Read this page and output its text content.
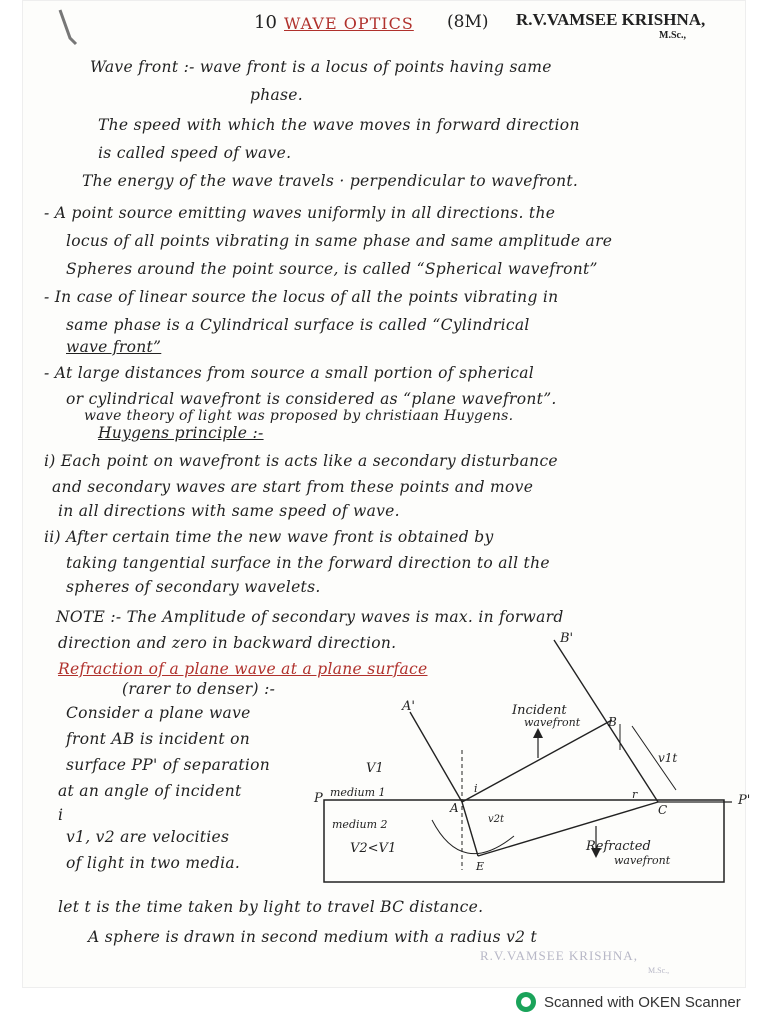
10 WAVE OPTICS (8M) R.V.VAMSEE KRISHNA,
M.Sc.,
Wave front :- wave front is a locus of points having same
phase.
The speed with which the wave moves in forward direction
is called speed of wave.
The energy of the wave travels · perpendicular to wavefront.
- A point source emitting waves uniformly in all directions. the
locus of all points vibrating in same phase and same amplitude are
Spheres around the point source, is called “Spherical wavefront”
- In case of linear source the locus of all the points vibrating in
same phase is a Cylindrical surface is called “Cylindrical
wave front”
- At large distances from source a small portion of spherical
or cylindrical wavefront is considered as “plane wavefront”.
wave theory of light was proposed by christiaan Huygens.
Huygens principle :-
i) Each point on wavefront is acts like a secondary disturbance
and secondary waves are start from these points and move
in all directions with same speed of wave.
ii) After certain time the new wave front is obtained by
taking tangential surface in the forward direction to all the
spheres of secondary wavelets.
NOTE :- The Amplitude of secondary waves is max. in forward
direction and zero in backward direction.
Refraction of a plane wave at a plane surface
(rarer to denser) :-
Consider a plane wave
front AB is incident on
surface PP' of separation
at an angle of incident
i
v1, v2 are velocities
of light in two media.
let t is the time taken by light to travel BC distance.
A sphere is drawn in second medium with a radius v2 t
A'
B'
B
A	C
E
P	P'
Incident
wavefront
v1t
v2t
V1
medium 1
medium 2
V2<V1
i	r
Refracted
wavefront
R.V.VAMSEE KRISHNA,
M.Sc.,
Scanned with OKEN Scanner
